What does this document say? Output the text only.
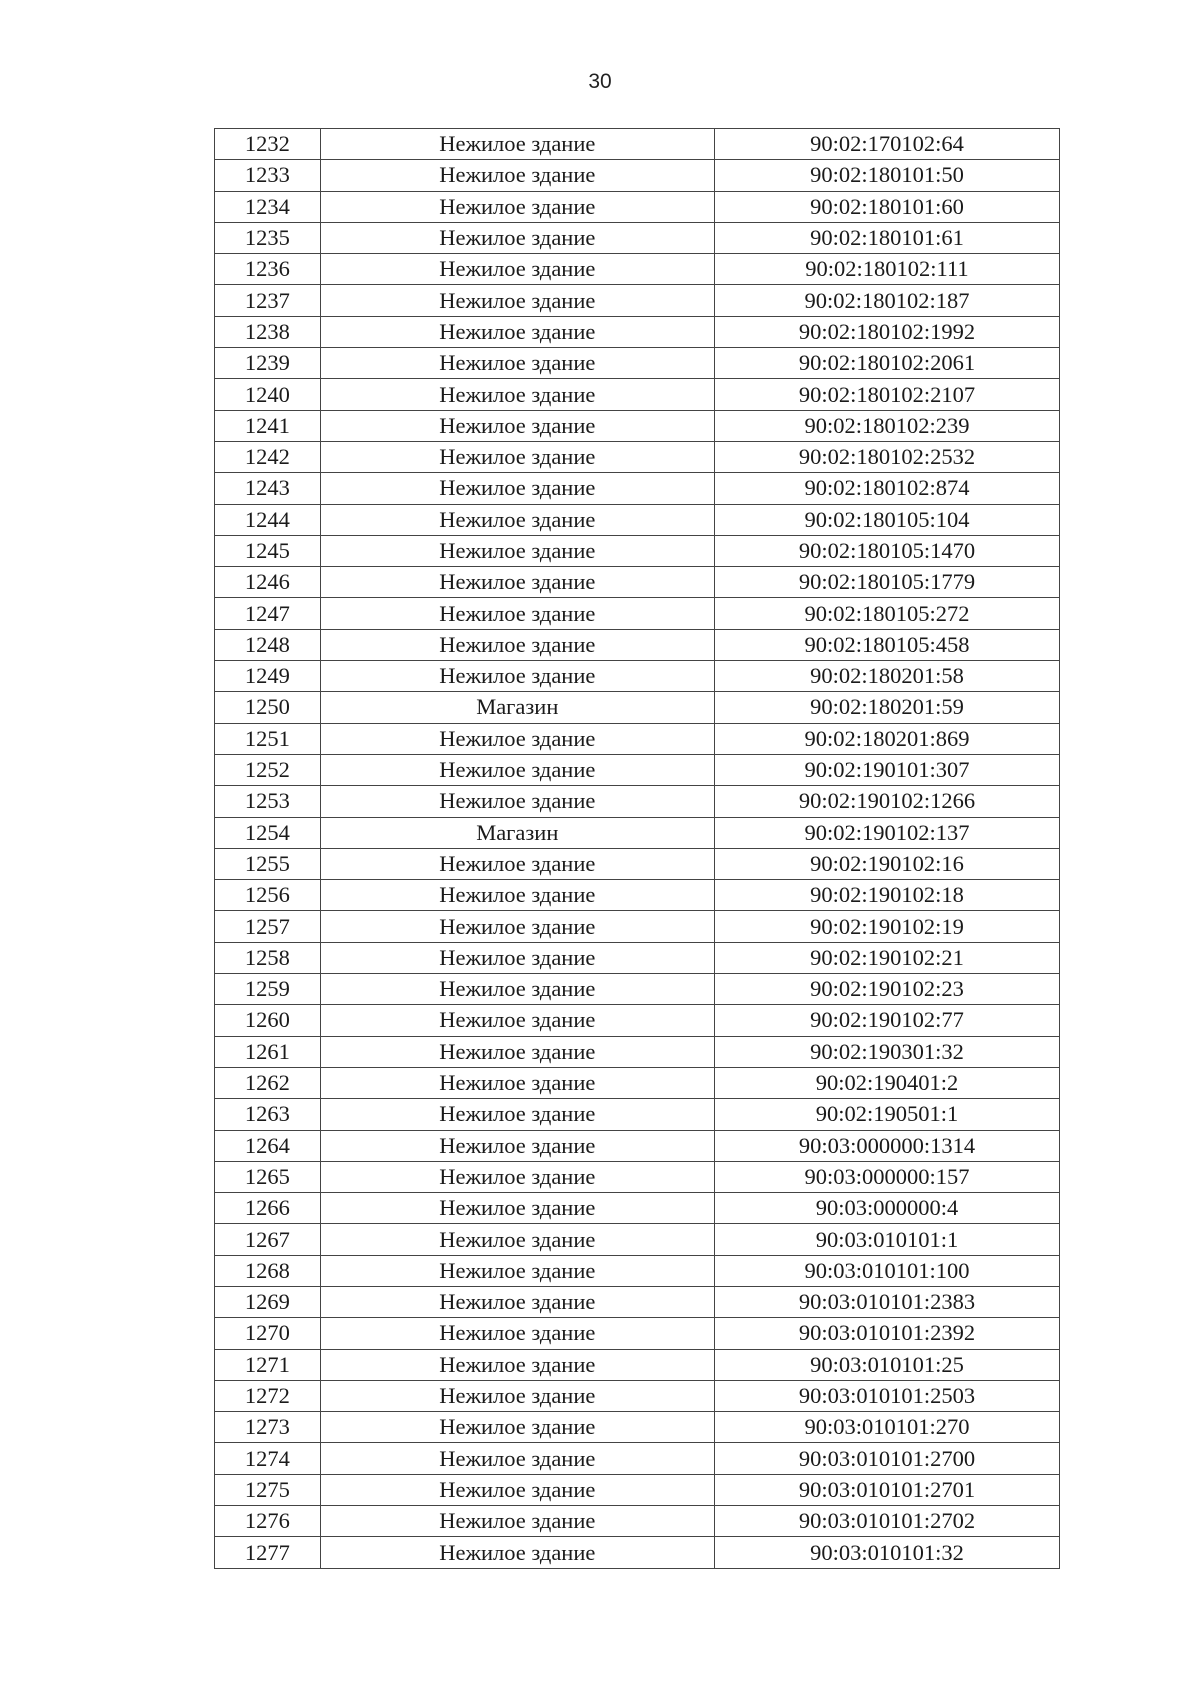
30
1232	Нежилое здание	90:02:170102:64
1233	Нежилое здание	90:02:180101:50
1234	Нежилое здание	90:02:180101:60
1235	Нежилое здание	90:02:180101:61
1236	Нежилое здание	90:02:180102:111
1237	Нежилое здание	90:02:180102:187
1238	Нежилое здание	90:02:180102:1992
1239	Нежилое здание	90:02:180102:2061
1240	Нежилое здание	90:02:180102:2107
1241	Нежилое здание	90:02:180102:239
1242	Нежилое здание	90:02:180102:2532
1243	Нежилое здание	90:02:180102:874
1244	Нежилое здание	90:02:180105:104
1245	Нежилое здание	90:02:180105:1470
1246	Нежилое здание	90:02:180105:1779
1247	Нежилое здание	90:02:180105:272
1248	Нежилое здание	90:02:180105:458
1249	Нежилое здание	90:02:180201:58
1250	Магазин	90:02:180201:59
1251	Нежилое здание	90:02:180201:869
1252	Нежилое здание	90:02:190101:307
1253	Нежилое здание	90:02:190102:1266
1254	Магазин	90:02:190102:137
1255	Нежилое здание	90:02:190102:16
1256	Нежилое здание	90:02:190102:18
1257	Нежилое здание	90:02:190102:19
1258	Нежилое здание	90:02:190102:21
1259	Нежилое здание	90:02:190102:23
1260	Нежилое здание	90:02:190102:77
1261	Нежилое здание	90:02:190301:32
1262	Нежилое здание	90:02:190401:2
1263	Нежилое здание	90:02:190501:1
1264	Нежилое здание	90:03:000000:1314
1265	Нежилое здание	90:03:000000:157
1266	Нежилое здание	90:03:000000:4
1267	Нежилое здание	90:03:010101:1
1268	Нежилое здание	90:03:010101:100
1269	Нежилое здание	90:03:010101:2383
1270	Нежилое здание	90:03:010101:2392
1271	Нежилое здание	90:03:010101:25
1272	Нежилое здание	90:03:010101:2503
1273	Нежилое здание	90:03:010101:270
1274	Нежилое здание	90:03:010101:2700
1275	Нежилое здание	90:03:010101:2701
1276	Нежилое здание	90:03:010101:2702
1277	Нежилое здание	90:03:010101:32
